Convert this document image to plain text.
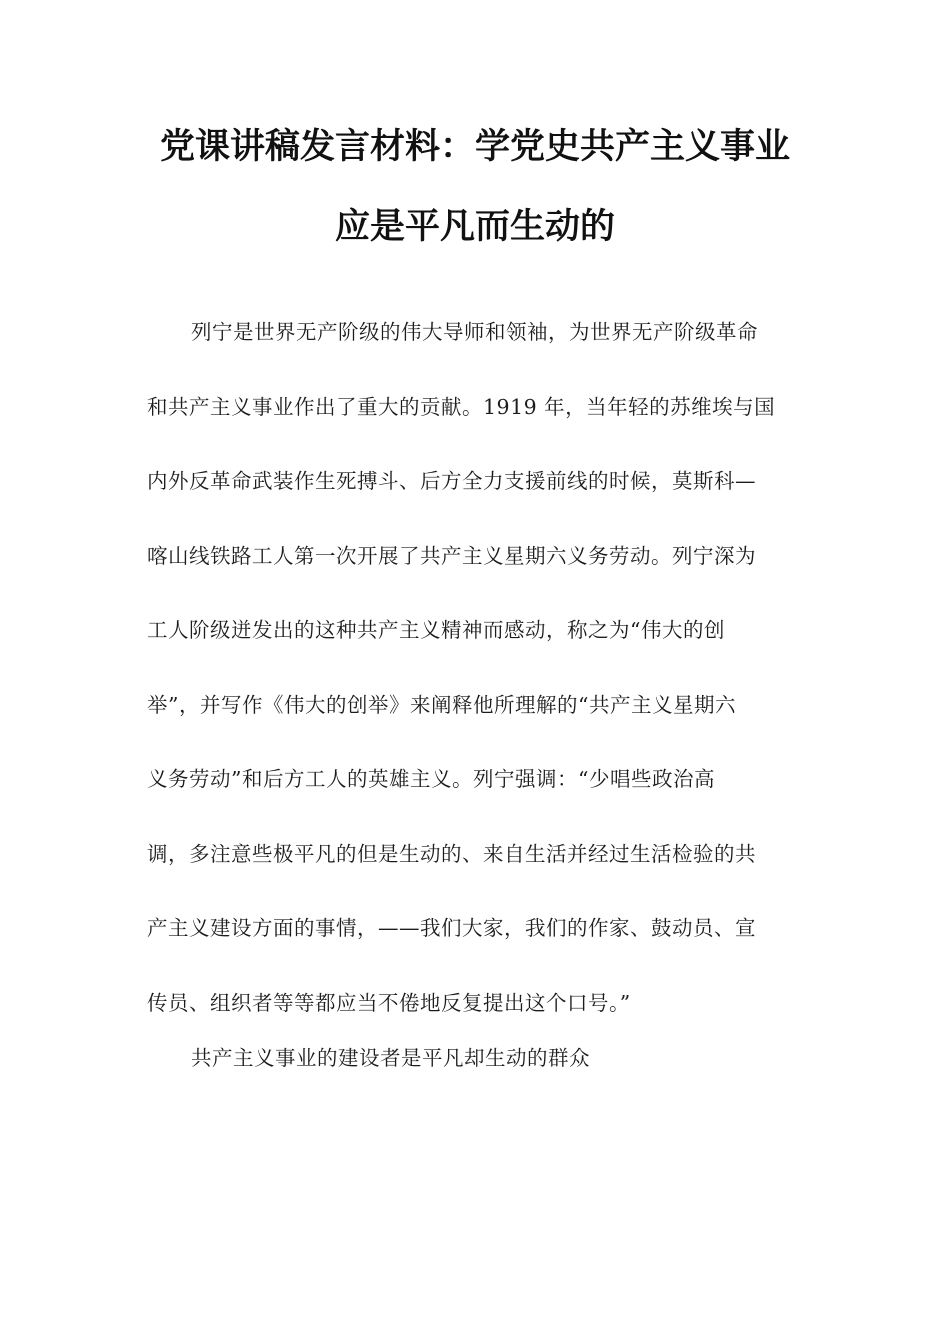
党课讲稿发言材料：学党史共产主义事业
应是平凡而生动的
列宁是世界无产阶级的伟大导师和领袖，为世界无产阶级革命
和共产主义事业作出了重大的贡献。1919 年，当年轻的苏维埃与国
内外反革命武装作生死搏斗、后方全力支援前线的时候，莫斯科—
喀山线铁路工人第一次开展了共产主义星期六义务劳动。列宁深为
工人阶级迸发出的这种共产主义精神而感动，称之为“伟大的创
举”，并写作《伟大的创举》来阐释他所理解的“共产主义星期六
义务劳动”和后方工人的英雄主义。列宁强调：“少唱些政治高
调，多注意些极平凡的但是生动的、来自生活并经过生活检验的共
产主义建设方面的事情，——我们大家，我们的作家、鼓动员、宣
传员、组织者等等都应当不倦地反复提出这个口号。”
共产主义事业的建设者是平凡却生动的群众
